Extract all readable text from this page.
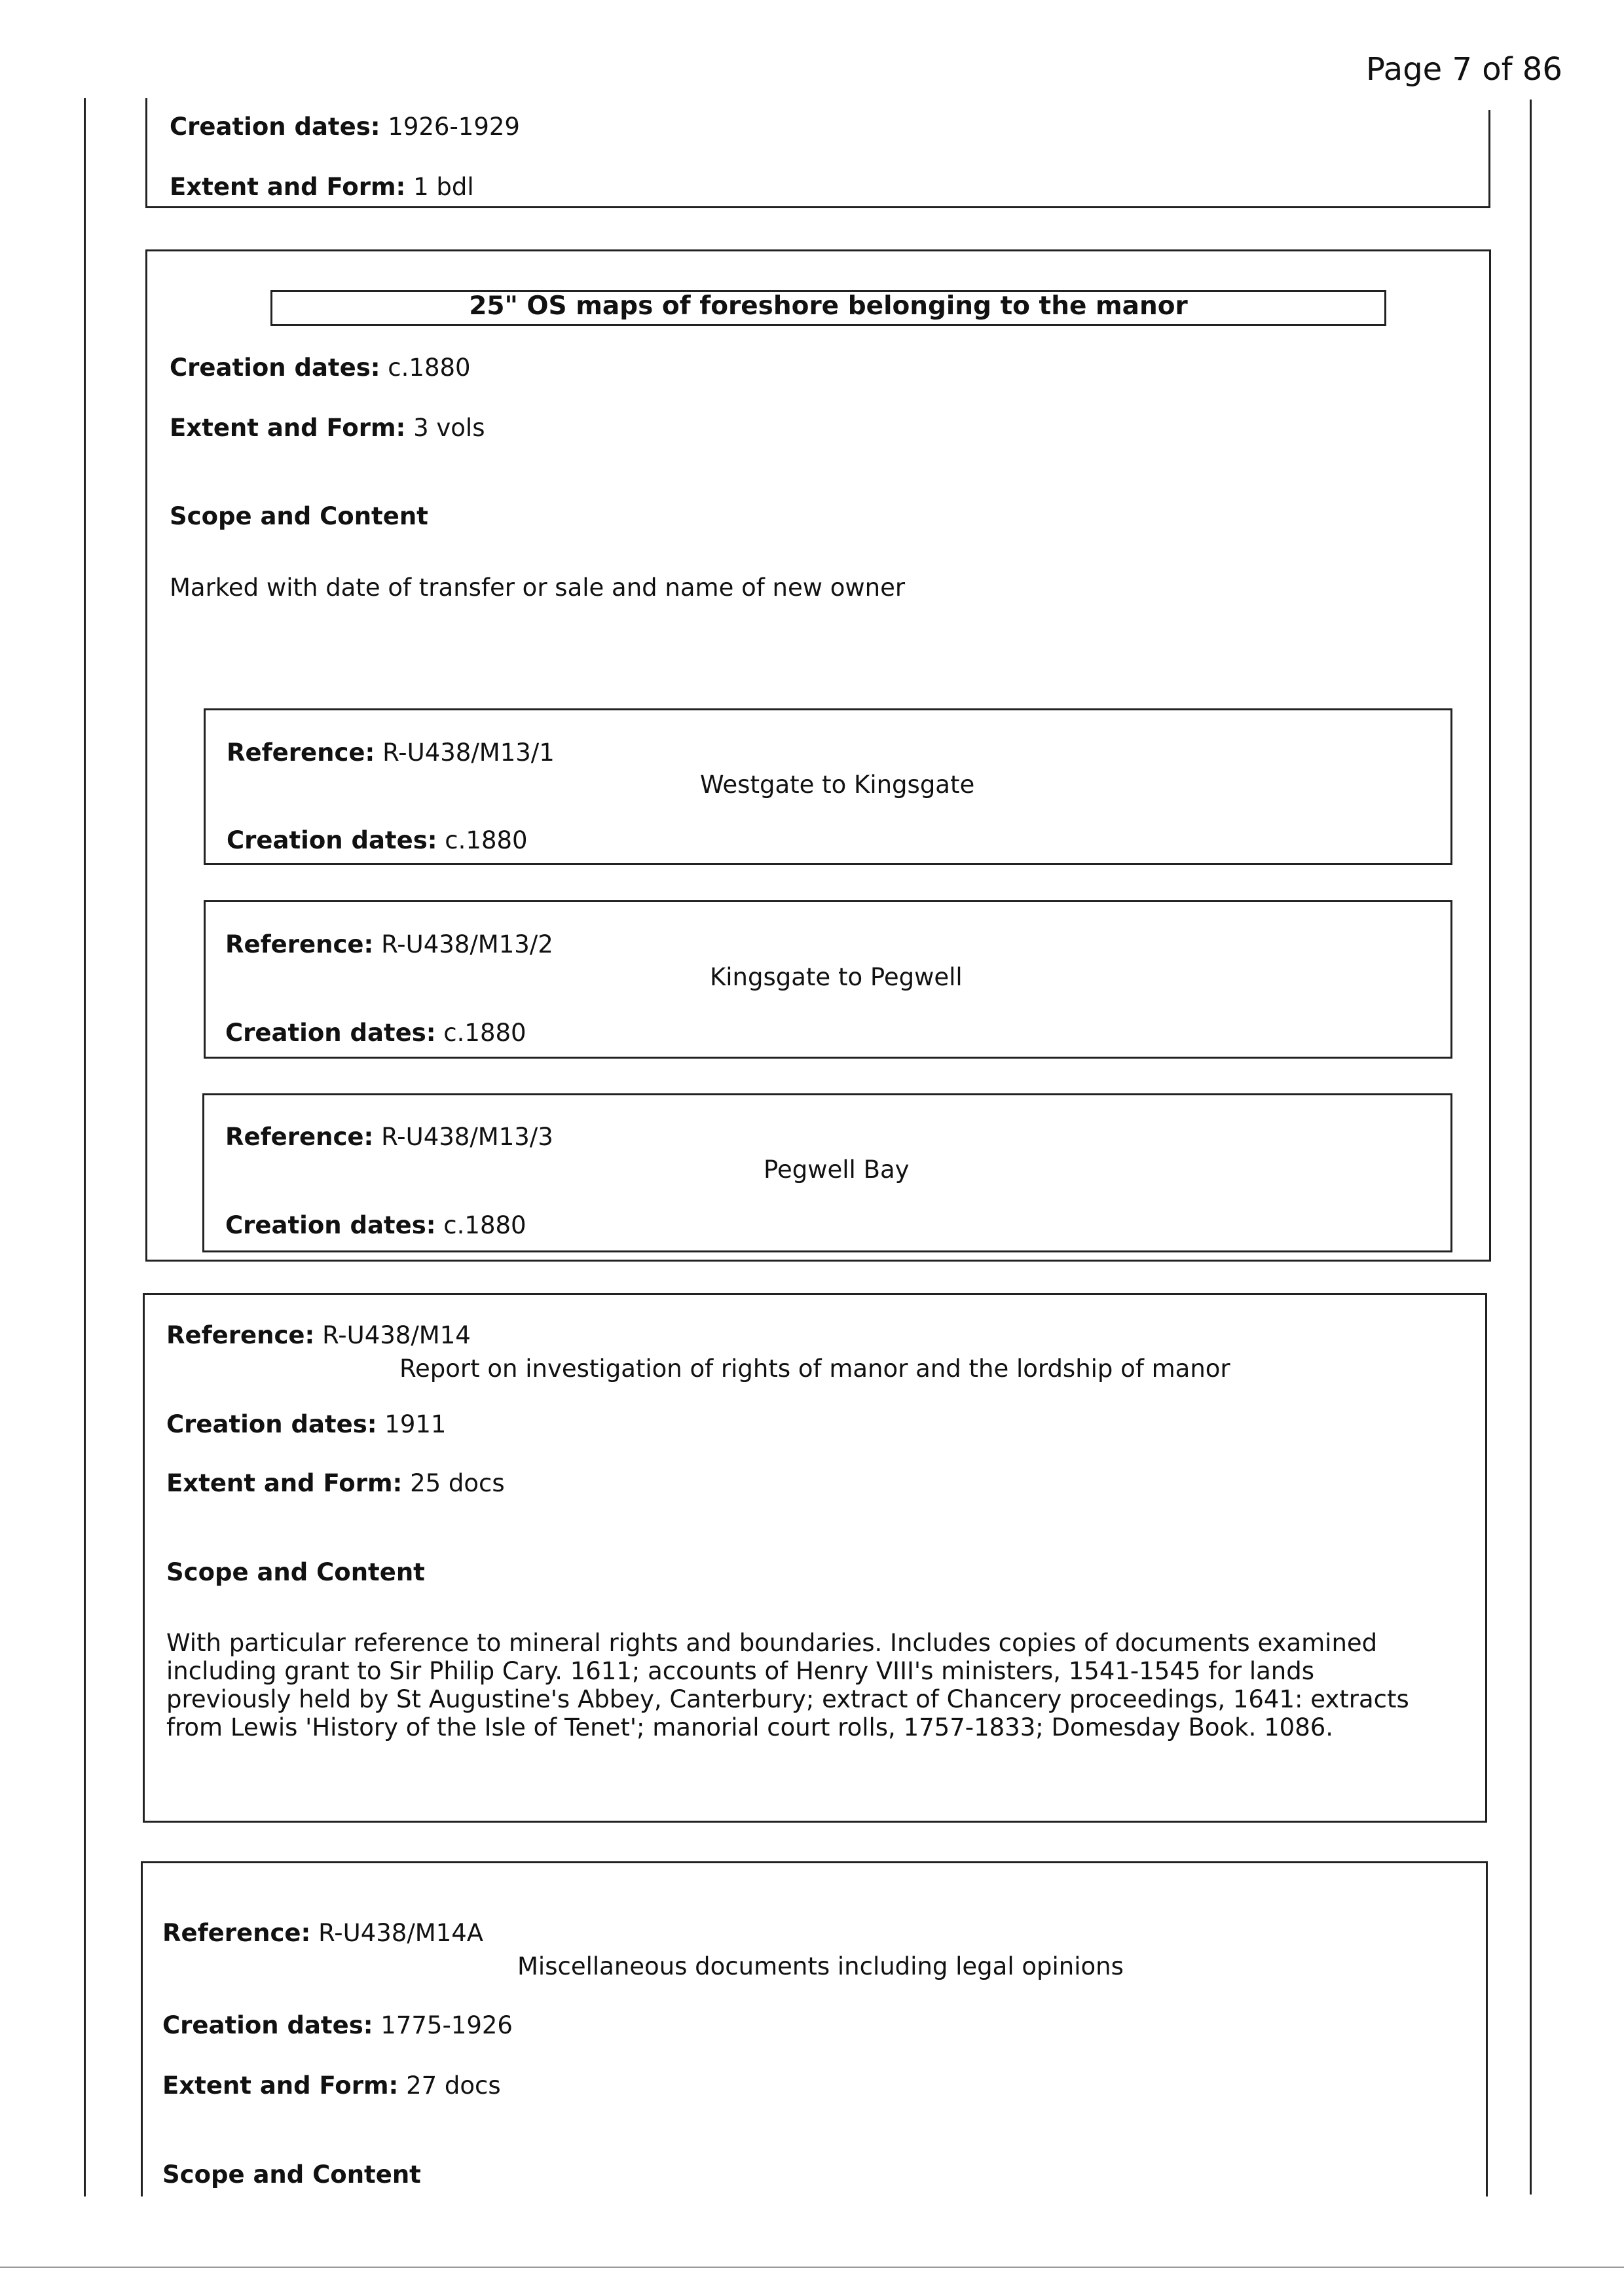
Page 7 of 86
Creation dates: 1926-1929
Extent and Form: 1 bdl
25" OS maps of foreshore belonging to the manor
Creation dates: c.1880
Extent and Form: 3 vols
Scope and Content
Marked with date of transfer or sale and name of new owner
Reference: R-U438/M13/1
Westgate to Kingsgate
Creation dates: c.1880
Reference: R-U438/M13/2
Kingsgate to Pegwell
Creation dates: c.1880
Reference: R-U438/M13/3
Pegwell Bay
Creation dates: c.1880
Reference: R-U438/M14
Report on investigation of rights of manor and the lordship of manor
Creation dates: 1911
Extent and Form: 25 docs
Scope and Content
With particular reference to mineral rights and boundaries. Includes copies of documents examined
including grant to Sir Philip Cary. 1611; accounts of Henry VIII's ministers, 1541-1545 for lands
previously held by St Augustine's Abbey, Canterbury; extract of Chancery proceedings, 1641: extracts
from Lewis 'History of the Isle of Tenet'; manorial court rolls, 1757-1833; Domesday Book. 1086.
Reference: R-U438/M14A
Miscellaneous documents including legal opinions
Creation dates: 1775-1926
Extent and Form: 27 docs
Scope and Content
